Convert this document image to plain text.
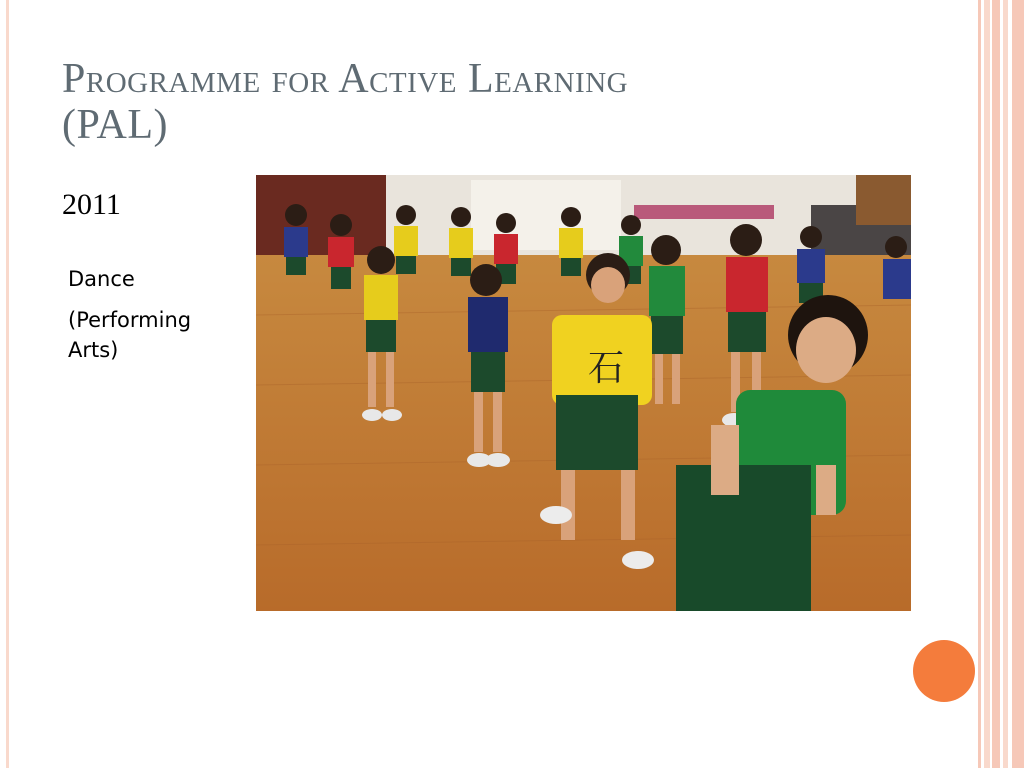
Programme for Active Learning
(PAL)
2011
Dance
(Performing Arts)	石
